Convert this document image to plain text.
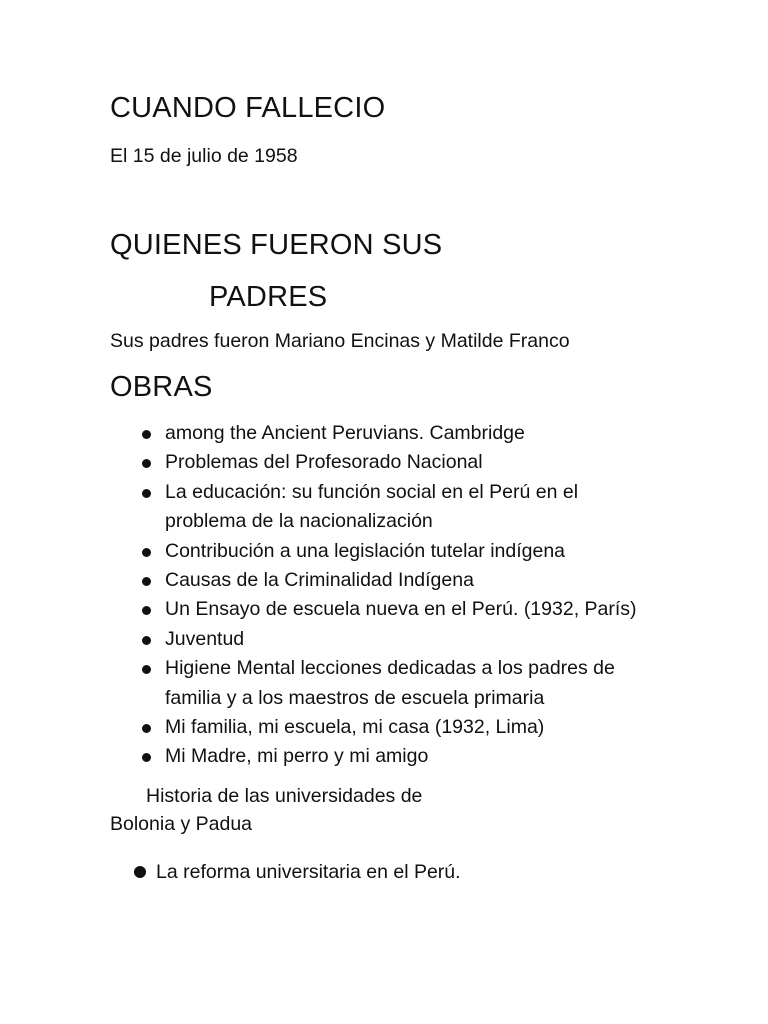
CUANDO FALLECIO

El 15 de julio de 1958

QUIENES FUERON SUS
PADRES

Sus padres fueron Mariano Encinas y Matilde Franco

OBRAS
among the Ancient Peruvians. Cambridge
Problemas del Profesorado Nacional
La educación: su función social en el Perú en el
problema de la nacionalización
Contribución a una legislación tutelar indígena
Causas de la Criminalidad Indígena
Un Ensayo de escuela nueva en el Perú. (1932, París)
Juventud
Higiene Mental lecciones dedicadas a los padres de
familia y a los maestros de escuela primaria
Mi familia, mi escuela, mi casa (1932, Lima)
Mi Madre, mi perro y mi amigo

Historia de las universidades de

Bolonia y Padua

La reforma universitaria en el Perú.
